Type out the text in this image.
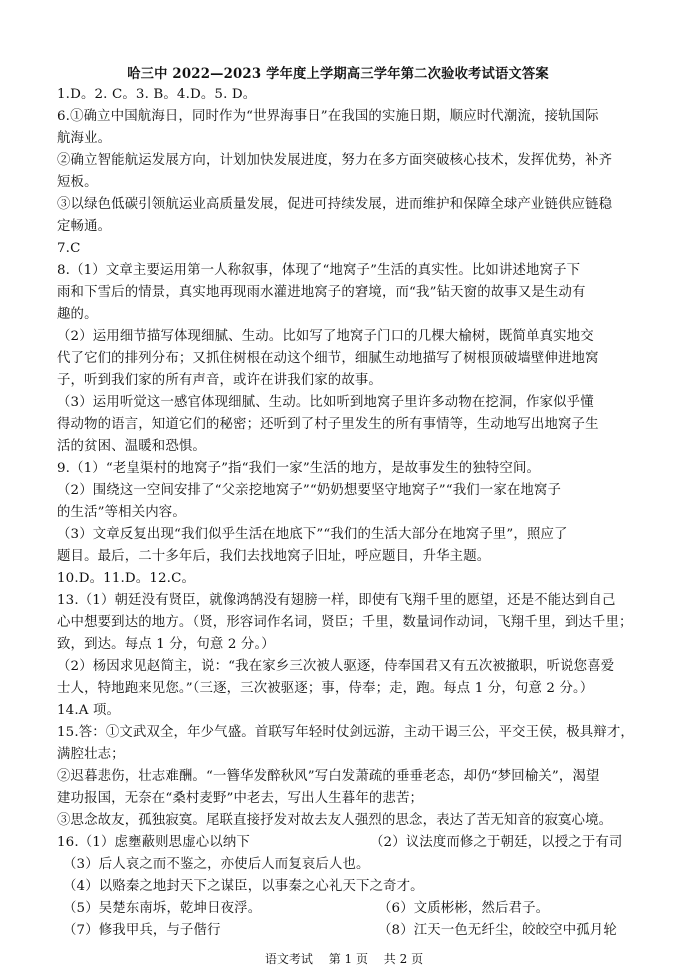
哈三中 2022—2023 学年度上学期高三学年第二次验收考试语文答案
1.D。2. C。3. B。4.D。5. D。
6.①确立中国航海日，同时作为“世界海事日”在我国的实施日期，顺应时代潮流，接轨国际
航海业。
②确立智能航运发展方向，计划加快发展进度，努力在多方面突破核心技术，发挥优势，补齐
短板。
③以绿色低碳引领航运业高质量发展，促进可持续发展，进而维护和保障全球产业链供应链稳
定畅通。
7.C
8.（1）文章主要运用第一人称叙事，体现了“地窝子”生活的真实性。比如讲述地窝子下
雨和下雪后的情景，真实地再现雨水灌进地窝子的窘境，而“我”钻天窗的故事又是生动有
趣的。
（2）运用细节描写体现细腻、生动。比如写了地窝子门口的几棵大榆树，既简单真实地交
代了它们的排列分布；又抓住树根在动这个细节，细腻生动地描写了树根顶破墙壁伸进地窝
子，听到我们家的所有声音，或许在讲我们家的故事。
（3）运用听觉这一感官体现细腻、生动。比如听到地窝子里许多动物在挖洞，作家似乎懂
得动物的语言，知道它们的秘密；还听到了村子里发生的所有事情等，生动地写出地窝子生
活的贫困、温暖和恐惧。
9.（1）“老皇渠村的地窝子”指“我们一家”生活的地方，是故事发生的独特空间。
（2）围绕这一空间安排了“父亲挖地窝子”“奶奶想要坚守地窝子”“我们一家在地窝子
的生活”等相关内容。
（3）文章反复出现“我们似乎生活在地底下”“我们的生活大部分在地窝子里”，照应了
题目。最后，二十多年后，我们去找地窝子旧址，呼应题目，升华主题。
10.D。11.D。12.C。
13.（1）朝廷没有贤臣，就像鸿鹄没有翅膀一样，即使有飞翔千里的愿望，还是不能达到自己
心中想要到达的地方。（贤，形容词作名词，贤臣；千里，数量词作动词，飞翔千里，到达千里；
致，到达。每点 1 分，句意 2 分。）
（2）杨因求见赵简主，说：“我在家乡三次被人驱逐，侍奉国君又有五次被撤职，听说您喜爱
士人，特地跑来见您。”（三逐，三次被驱逐；事，侍奉；走，跑。每点 1 分，句意 2 分。）
14.A 项。
15.答：①文武双全，年少气盛。首联写年轻时仗剑远游，主动干谒三公，平交王侯，极具辩才，
满腔壮志；
②迟暮悲伤，壮志难酬。“一簪华发醉秋风”写白发萧疏的垂垂老态，却仍“梦回榆关”，渴望
建功报国，无奈在“桑村麦野”中老去，写出人生暮年的悲苦；
③思念故友，孤独寂寞。尾联直接抒发对故去友人强烈的思念，表达了苦无知音的寂寞心境。
16.（1）虑壅蔽则思虚心以纳下	（2）议法度而修之于朝廷，以授之于有司
（3）后人哀之而不鉴之，亦使后人而复哀后人也。
（4）以赂秦之地封天下之谋臣，以事秦之心礼天下之奇才。
（5）吴楚东南坼，乾坤日夜浮。	（6）文质彬彬，然后君子。
（7）修我甲兵，与子偕行	（8）江天一色无纤尘，皎皎空中孤月轮
语文考试　 第 1 页　 共 2 页
